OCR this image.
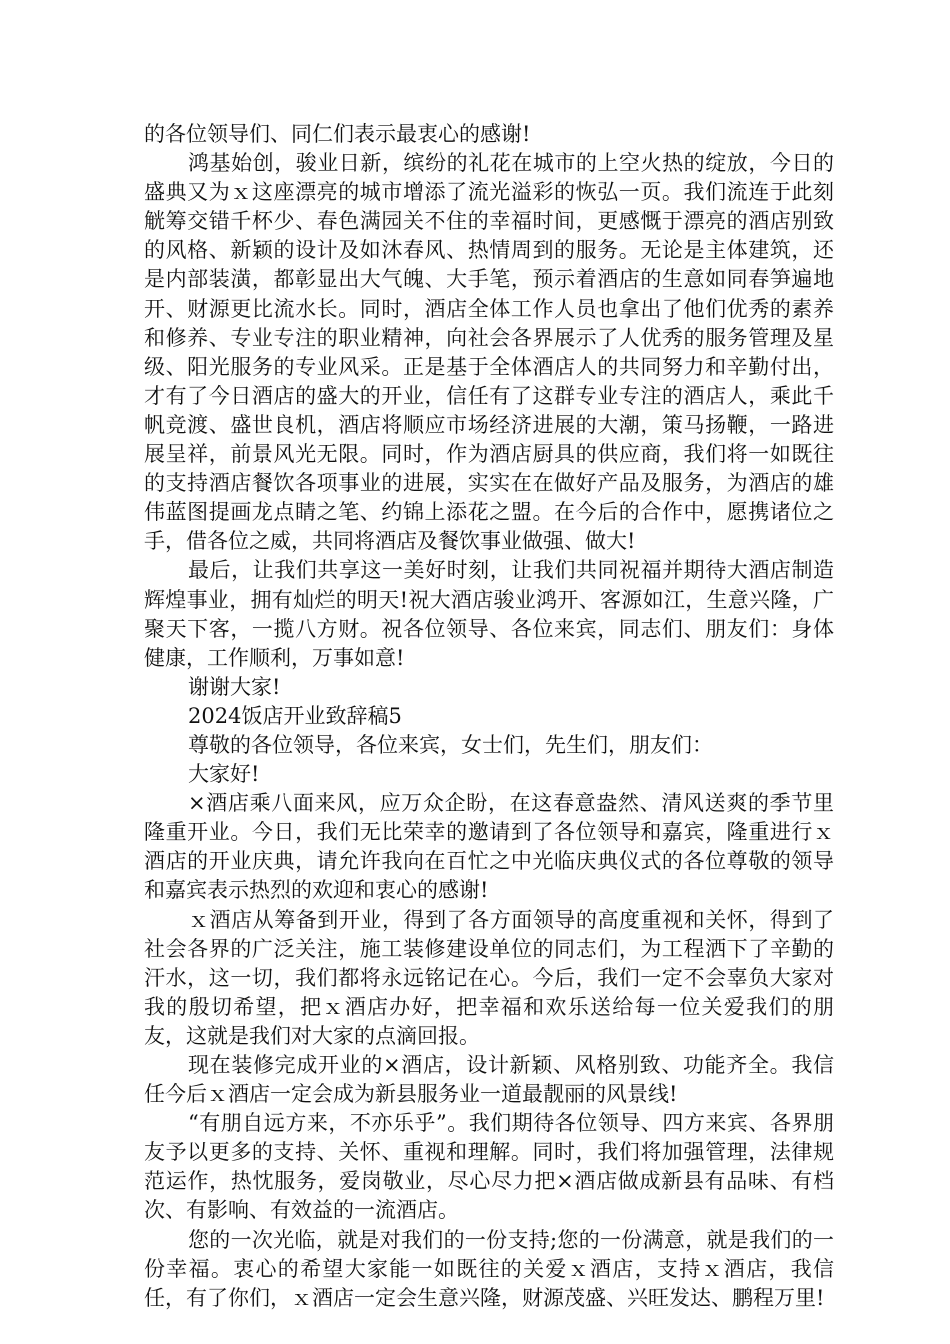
的各位领导们、同仁们表示最衷心的感谢!

鸿基始创，骏业日新，缤纷的礼花在城市的上空火热的绽放，今日的盛典又为ｘ这座漂亮的城市增添了流光溢彩的恢弘一页。我们流连于此刻觥筹交错千杯少、春色满园关不住的幸福时间，更感慨于漂亮的酒店别致的风格、新颖的设计及如沐春风、热情周到的服务。无论是主体建筑，还是内部装潢，都彰显出大气魄、大手笔，预示着酒店的生意如同春笋遍地开、财源更比流水长。同时，酒店全体工作人员也拿出了他们优秀的素养和修养、专业专注的职业精神，向社会各界展示了人优秀的服务管理及星级、阳光服务的专业风采。正是基于全体酒店人的共同努力和辛勤付出，才有了今日酒店的盛大的开业，信任有了这群专业专注的酒店人，乘此千帆竞渡、盛世良机，酒店将顺应市场经济进展的大潮，策马扬鞭，一路进展呈祥，前景风光无限。同时，作为酒店厨具的供应商，我们将一如既往的支持酒店餐饮各项事业的进展，实实在在做好产品及服务，为酒店的雄伟蓝图提画龙点睛之笔、约锦上添花之盟。在今后的合作中，愿携诸位之手，借各位之威，共同将酒店及餐饮事业做强、做大!

最后，让我们共享这一美好时刻，让我们共同祝福并期待大酒店制造辉煌事业，拥有灿烂的明天!祝大酒店骏业鸿开、客源如江，生意兴隆，广聚天下客，一揽八方财。祝各位领导、各位来宾，同志们、朋友们：身体健康，工作顺利，万事如意!

谢谢大家!

2024饭店开业致辞稿5

尊敬的各位领导，各位来宾，女士们，先生们，朋友们：

大家好!

×酒店乘八面来风，应万众企盼，在这春意盎然、清风送爽的季节里隆重开业。今日，我们无比荣幸的邀请到了各位领导和嘉宾，隆重进行ｘ酒店的开业庆典，请允许我向在百忙之中光临庆典仪式的各位尊敬的领导和嘉宾表示热烈的欢迎和衷心的感谢!

ｘ酒店从筹备到开业，得到了各方面领导的高度重视和关怀，得到了社会各界的广泛关注，施工装修建设单位的同志们，为工程洒下了辛勤的汗水，这一切，我们都将永远铭记在心。今后，我们一定不会辜负大家对我的殷切希望，把ｘ酒店办好，把幸福和欢乐送给每一位关爱我们的朋友，这就是我们对大家的点滴回报。

现在装修完成开业的×酒店，设计新颖、风格别致、功能齐全。我信任今后ｘ酒店一定会成为新县服务业一道最靓丽的风景线!

“有朋自远方来，不亦乐乎”。我们期待各位领导、四方来宾、各界朋友予以更多的支持、关怀、重视和理解。同时，我们将加强管理，法律规范运作，热忱服务，爱岗敬业，尽心尽力把×酒店做成新县有品味、有档次、有影响、有效益的一流酒店。

您的一次光临，就是对我们的一份支持;您的一份满意，就是我们的一份幸福。衷心的希望大家能一如既往的关爱ｘ酒店，支持ｘ酒店，我信任，有了你们，ｘ酒店一定会生意兴隆，财源茂盛、兴旺发达、鹏程万里!
